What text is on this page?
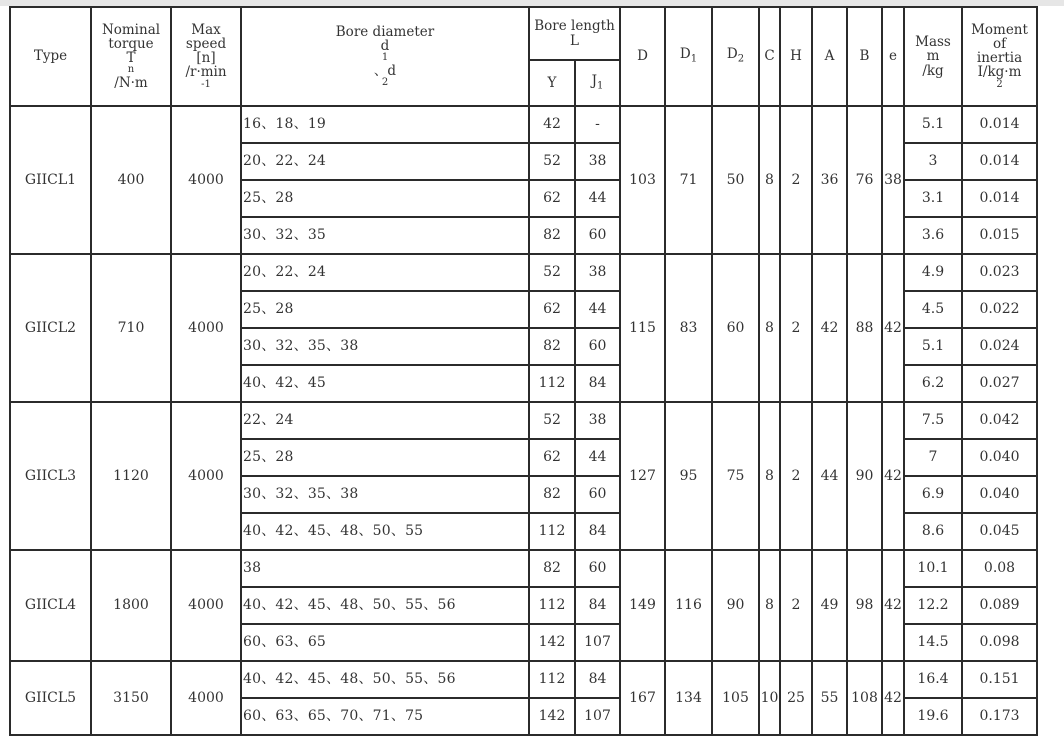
Type	Nominal
torque
T
n
/N·m	Max
speed
[n]
/r·min
-1	Bore diameter
d
1
、d
2	Bore length
L		D	$D_1$	$D_2$	C	H	A	B	e	Mass
m
/kg	Moment of
inertia
I/kg·m
2

				Y	$J_1$
GIICL1	400	4000	16、18、19	42	-	103	71	50	8	2	36	76	38	5.1	0.014
			20、22、24	52	38									3	0.014
			25、28	62	44									3.1	0.014
			30、32、35	82	60									3.6	0.015
GIICL2	710	4000	20、22、24	52	38	115	83	60	8	2	42	88	42	4.9	0.023
			25、28	62	44									4.5	0.022
			30、32、35、38	82	60									5.1	0.024
			40、42、45	112	84									6.2	0.027
GIICL3	1120	4000	22、24	52	38	127	95	75	8	2	44	90	42	7.5	0.042
			25、28	62	44									7	0.040
			30、32、35、38	82	60									6.9	0.040
			40、42、45、48、50、55	112	84									8.6	0.045
GIICL4	1800	4000	38	82	60	149	116	90	8	2	49	98	42	10.1	0.08
			40、42、45、48、50、55、56	112	84									12.2	0.089
			60、63、65	142	107									14.5	0.098
GIICL5	3150	4000	40、42、45、48、50、55、56	112	84	167	134	105	10	25	55	108	42	16.4	0.151
			60、63、65、70、71、75	142	107									19.6	0.173
